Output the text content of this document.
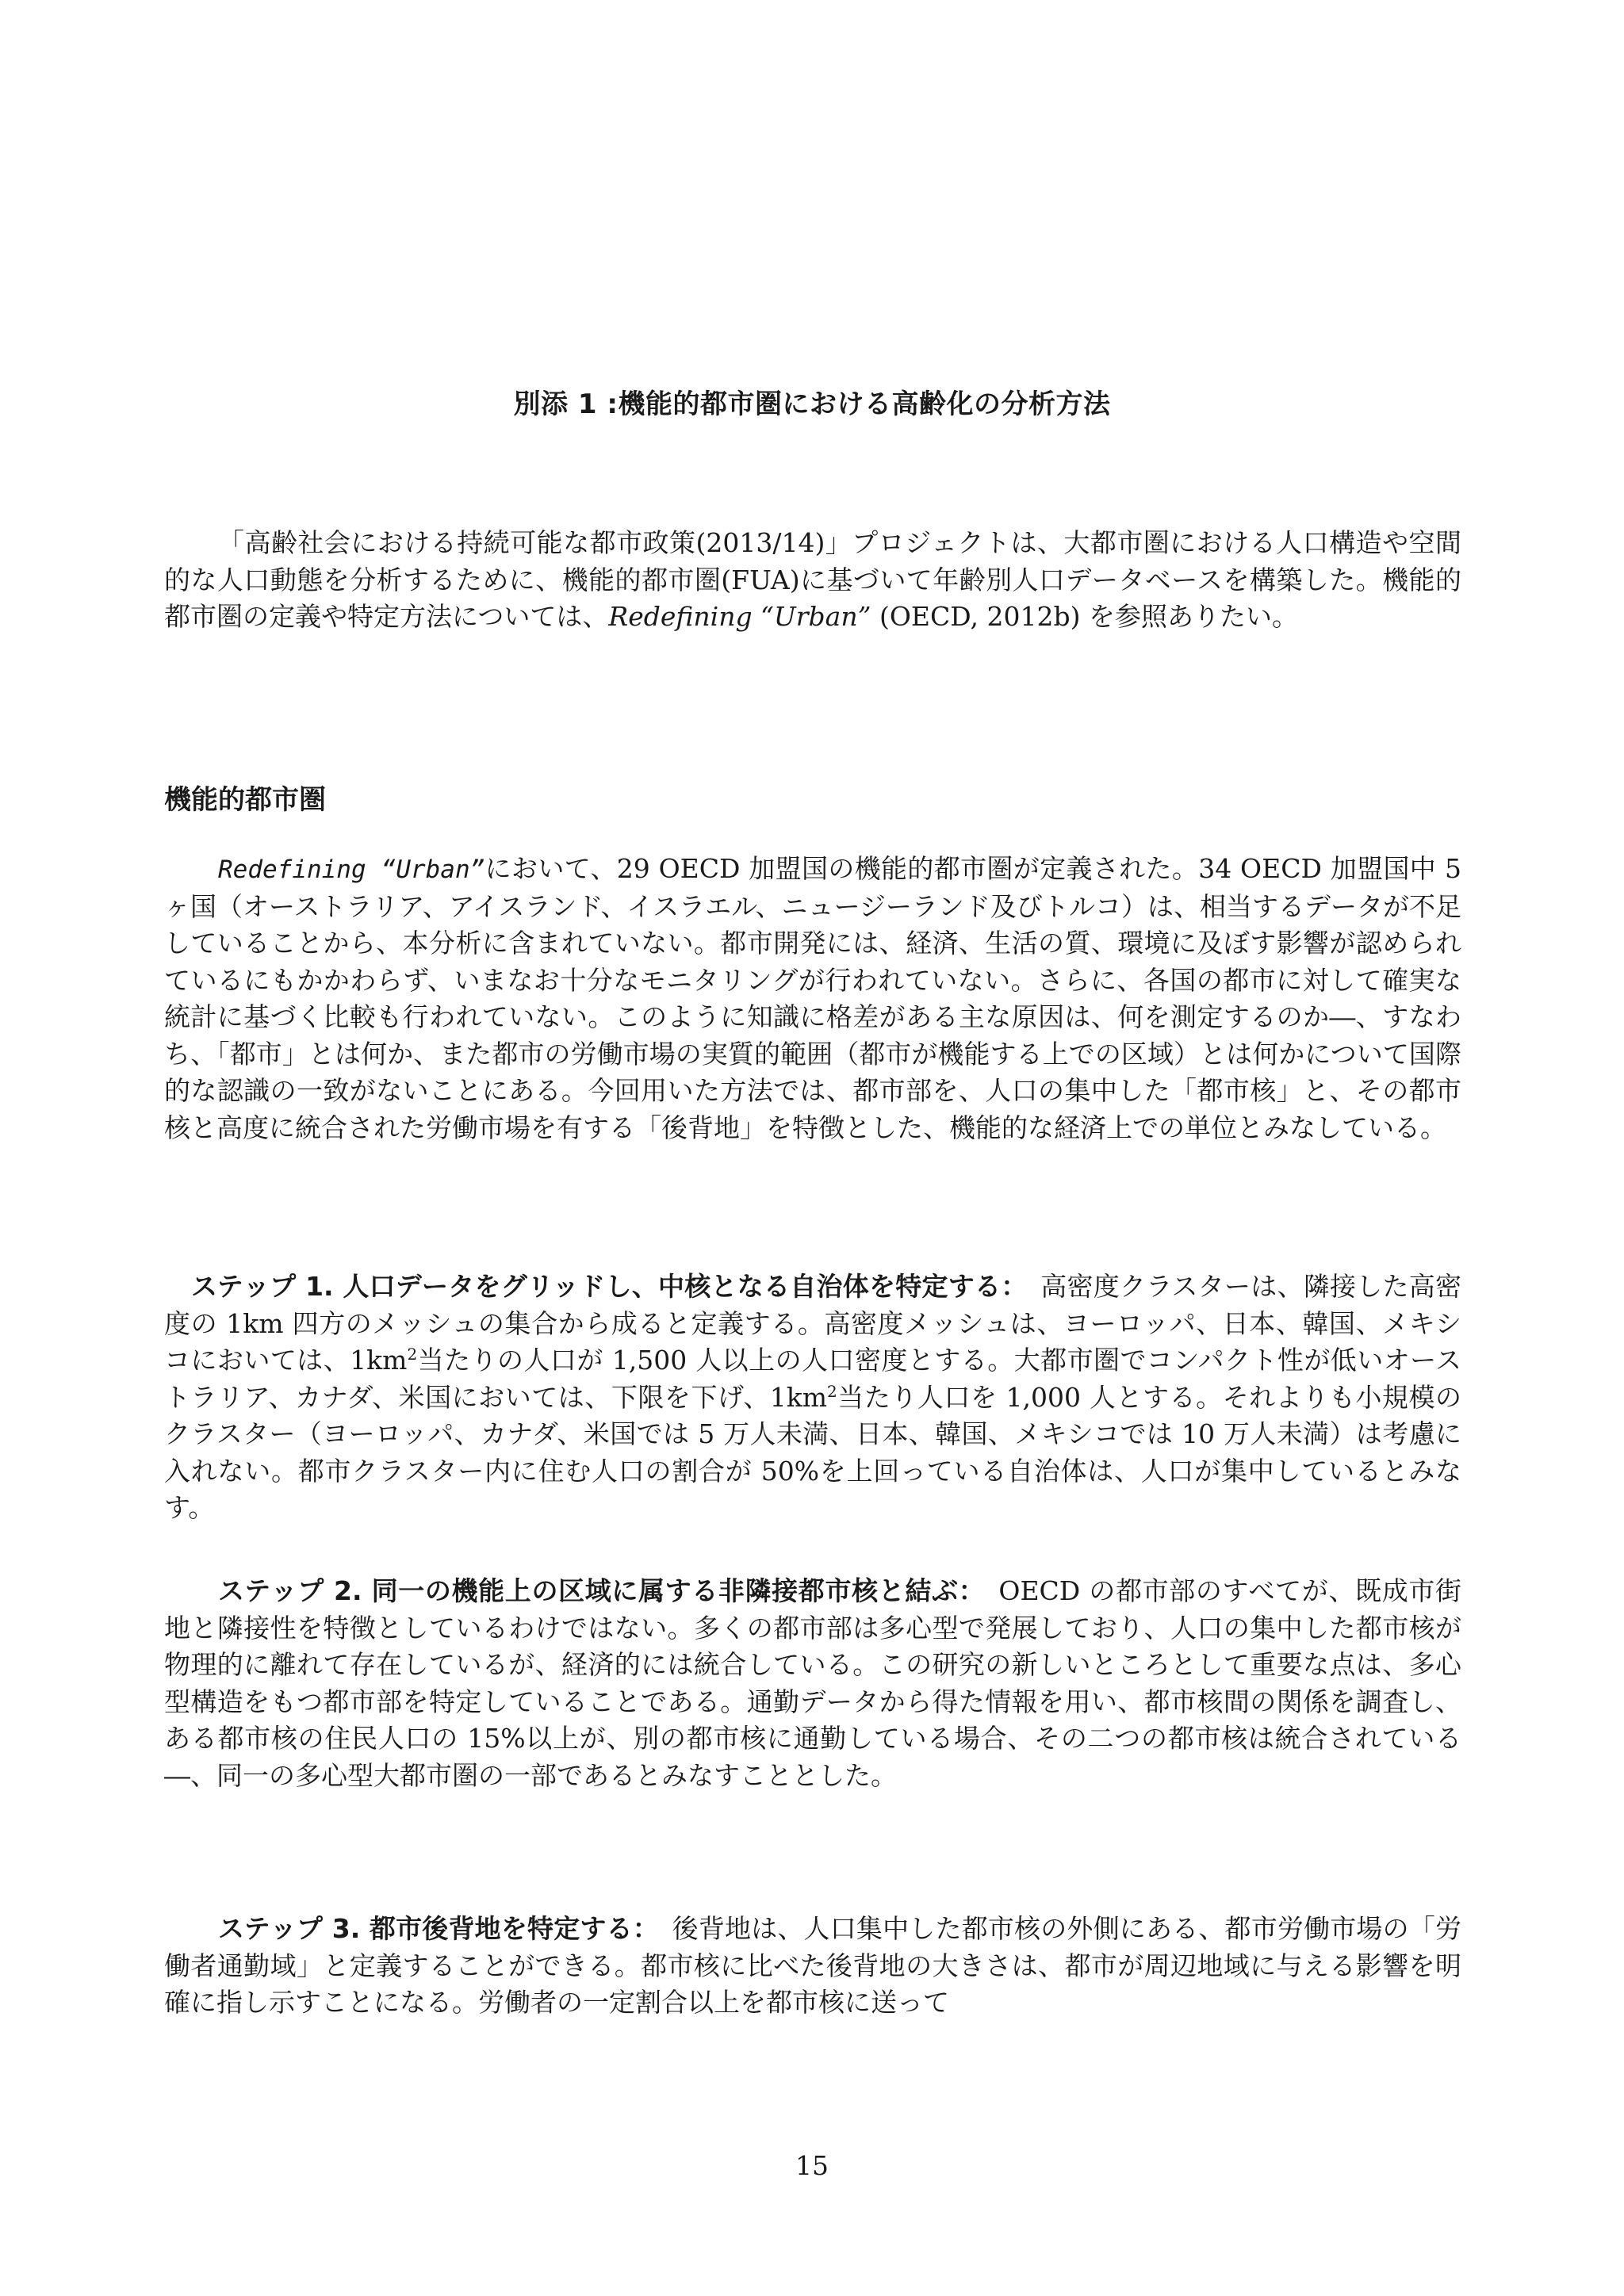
別添 1 :機能的都市圏における高齢化の分析方法

「高齢社会における持続可能な都市政策(2013/14)」プロジェクトは、大都市圏における人口構造や空間的な人口動態を分析するために、機能的都市圏(FUA)に基づいて年齢別人口データベースを構築した。機能的都市圏の定義や特定方法については、Redefining “Urban” (OECD, 2012b) を参照ありたい。

機能的都市圏

Redefining “Urban”において、29 OECD 加盟国の機能的都市圏が定義された。34 OECD 加盟国中 5 ヶ国（オーストラリア、アイスランド、イスラエル、ニュージーランド及びトルコ）は、相当するデータが不足していることから、本分析に含まれていない。都市開発には、経済、生活の質、環境に及ぼす影響が認められているにもかかわらず、いまなお十分なモニタリングが行われていない。さらに、各国の都市に対して確実な統計に基づく比較も行われていない。このように知識に格差がある主な原因は、何を測定するのか―、すなわち、「都市」とは何か、また都市の労働市場の実質的範囲（都市が機能する上での区域）とは何かについて国際的な認識の一致がないことにある。今回用いた方法では、都市部を、人口の集中した「都市核」と、その都市核と高度に統合された労働市場を有する「後背地」を特徴とした、機能的な経済上での単位とみなしている。

ステップ 1. 人口データをグリッドし、中核となる自治体を特定する：　高密度クラスターは、隣接した高密度の 1km 四方のメッシュの集合から成ると定義する。高密度メッシュは、ヨーロッパ、日本、韓国、メキシコにおいては、$1km^2$当たりの人口が 1,500 人以上の人口密度とする。大都市圏でコンパクト性が低いオーストラリア、カナダ、米国においては、下限を下げ、$1km^2$当たり人口を 1,000 人とする。それよりも小規模のクラスター（ヨーロッパ、カナダ、米国では 5 万人未満、日本、韓国、メキシコでは 10 万人未満）は考慮に入れない。都市クラスター内に住む人口の割合が 50%を上回っている自治体は、人口が集中しているとみなす。

ステップ 2. 同一の機能上の区域に属する非隣接都市核と結ぶ：　OECD の都市部のすべてが、既成市街地と隣接性を特徴としているわけではない。多くの都市部は多心型で発展しており、人口の集中した都市核が物理的に離れて存在しているが、経済的には統合している。この研究の新しいところとして重要な点は、多心型構造をもつ都市部を特定していることである。通勤データから得た情報を用い、都市核間の関係を調査し、ある都市核の住民人口の 15%以上が、別の都市核に通勤している場合、その二つの都市核は統合されている―、同一の多心型大都市圏の一部であるとみなすこととした。

ステップ 3. 都市後背地を特定する：　後背地は、人口集中した都市核の外側にある、都市労働市場の「労働者通勤域」と定義することができる。都市核に比べた後背地の大きさは、都市が周辺地域に与える影響を明確に指し示すことになる。労働者の一定割合以上を都市核に送って

15
